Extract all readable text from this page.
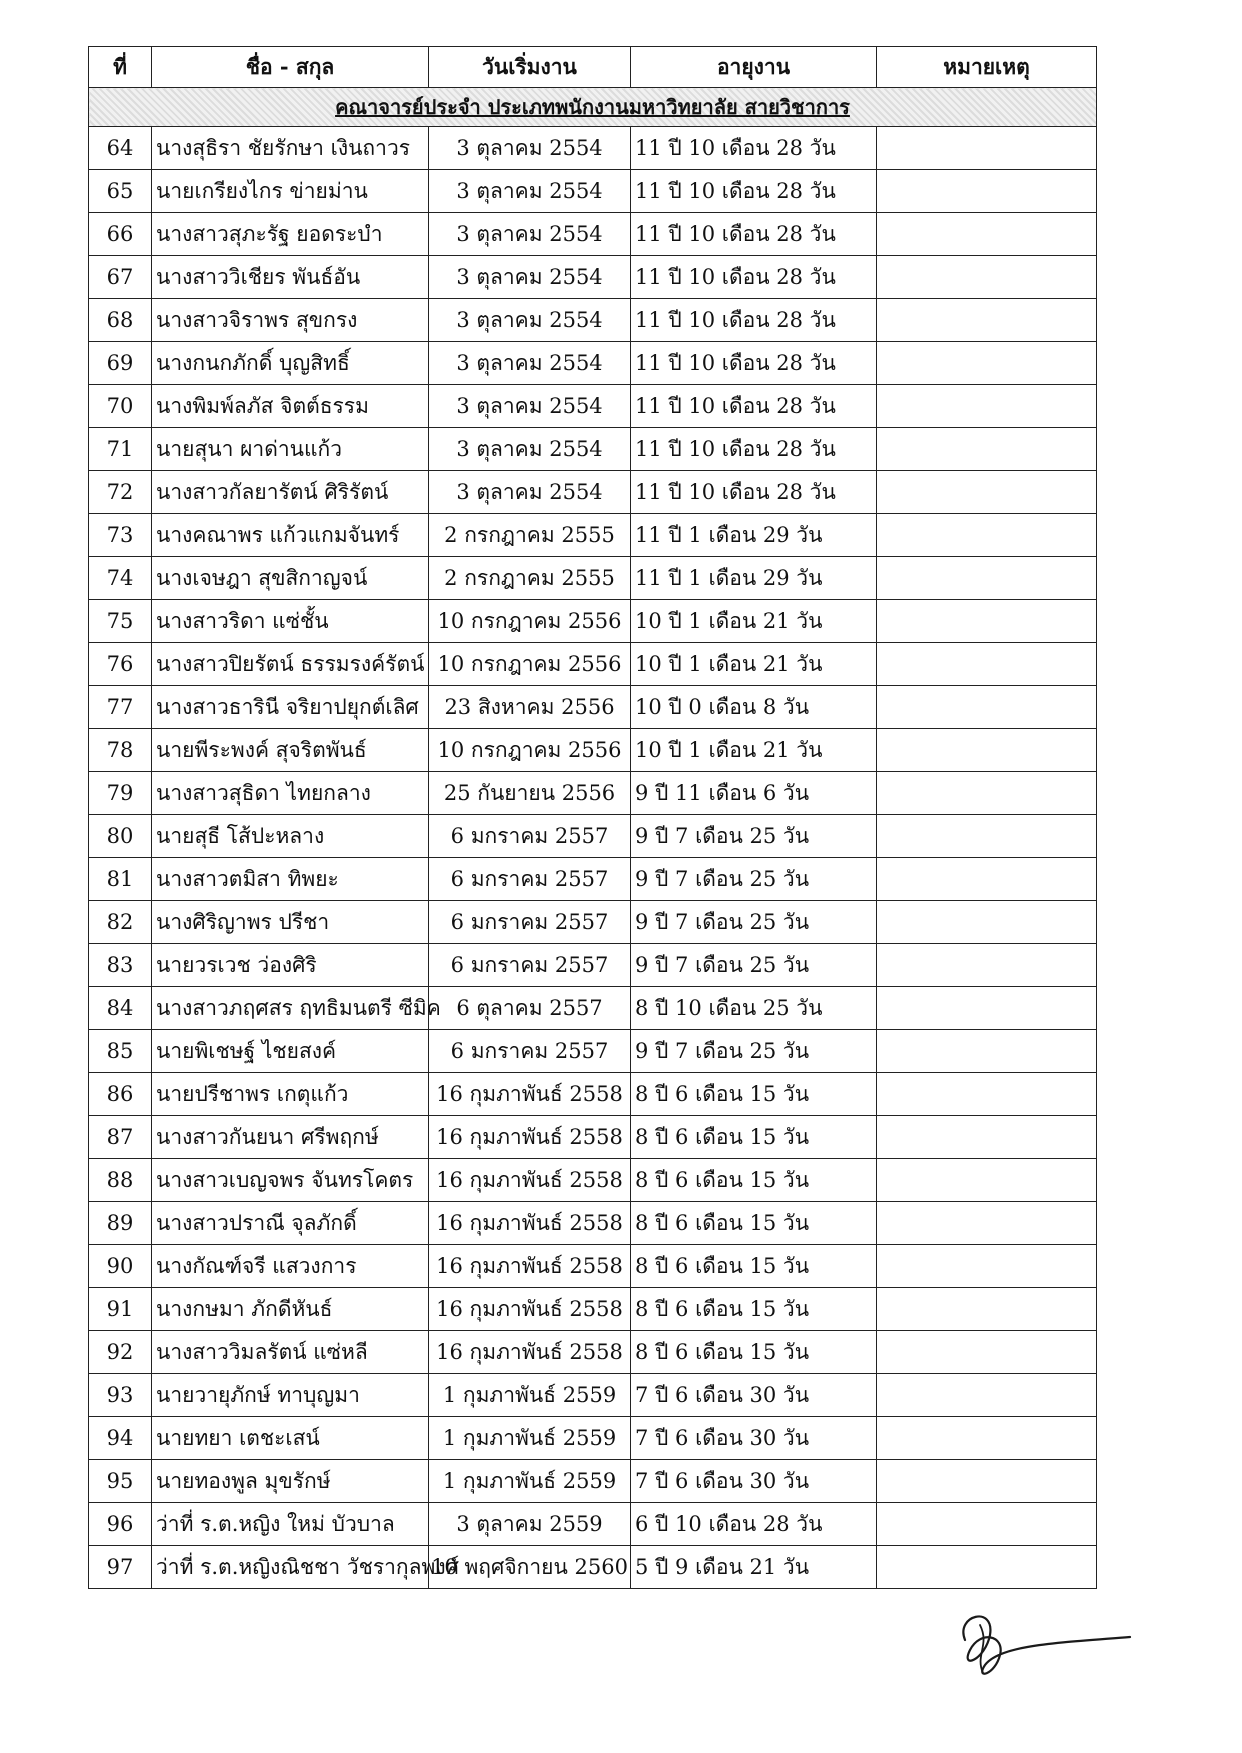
ที่	ชื่อ - สกุล	วันเริ่มงาน	อายุงาน	หมายเหตุ
คณาจารย์ประจำ ประเภทพนักงานมหาวิทยาลัย สายวิชาการ				
64	นางสุธิรา ชัยรักษา เงินถาวร	3 ตุลาคม 2554	11 ปี 10 เดือน 28 วัน	
65	นายเกรียงไกร ข่ายม่าน	3 ตุลาคม 2554	11 ปี 10 เดือน 28 วัน	
66	นางสาวสุภะรัฐ ยอดระบำ	3 ตุลาคม 2554	11 ปี 10 เดือน 28 วัน	
67	นางสาววิเชียร พันธ์อัน	3 ตุลาคม 2554	11 ปี 10 เดือน 28 วัน	
68	นางสาวจิราพร สุขกรง	3 ตุลาคม 2554	11 ปี 10 เดือน 28 วัน	
69	นางกนกภักดิ์ บุญสิทธิ์	3 ตุลาคม 2554	11 ปี 10 เดือน 28 วัน	
70	นางพิมพ์ลภัส จิตต์ธรรม	3 ตุลาคม 2554	11 ปี 10 เดือน 28 วัน	
71	นายสุนา ผาด่านแก้ว	3 ตุลาคม 2554	11 ปี 10 เดือน 28 วัน	
72	นางสาวกัลยารัตน์ ศิริรัตน์	3 ตุลาคม 2554	11 ปี 10 เดือน 28 วัน	
73	นางคณาพร แก้วแกมจันทร์	2 กรกฎาคม 2555	11 ปี 1 เดือน 29 วัน	
74	นางเจษฎา สุขสิกาญจน์	2 กรกฎาคม 2555	11 ปี 1 เดือน 29 วัน	
75	นางสาวริดา แซ่ชั้น	10 กรกฎาคม 2556	10 ปี 1 เดือน 21 วัน	
76	นางสาวปิยรัตน์ ธรรมรงค์รัตน์	10 กรกฎาคม 2556	10 ปี 1 เดือน 21 วัน	
77	นางสาวธารินี จริยาปยุกต์เลิศ	23 สิงหาคม 2556	10 ปี 0 เดือน 8 วัน	
78	นายพีระพงค์ สุจริตพันธ์	10 กรกฎาคม 2556	10 ปี 1 เดือน 21 วัน	
79	นางสาวสุธิดา ไทยกลาง	25 กันยายน 2556	9 ปี 11 เดือน 6 วัน	
80	นายสุธี โส้ปะหลาง	6 มกราคม 2557	9 ปี 7 เดือน 25 วัน	
81	นางสาวตมิสา ทิพยะ	6 มกราคม 2557	9 ปี 7 เดือน 25 วัน	
82	นางศิริญาพร ปรีชา	6 มกราคม 2557	9 ปี 7 เดือน 25 วัน	
83	นายวรเวช ว่องศิริ	6 มกราคม 2557	9 ปี 7 เดือน 25 วัน	
84	นางสาวภฤศสร ฤทธิมนตรี ซีมิค	6 ตุลาคม 2557	8 ปี 10 เดือน 25 วัน	
85	นายพิเชษฐ์ ไชยสงค์	6 มกราคม 2557	9 ปี 7 เดือน 25 วัน	
86	นายปรีชาพร เกตุแก้ว	16 กุมภาพันธ์ 2558	8 ปี 6 เดือน 15 วัน	
87	นางสาวกันยนา ศรีพฤกษ์	16 กุมภาพันธ์ 2558	8 ปี 6 เดือน 15 วัน	
88	นางสาวเบญจพร จันทรโคตร	16 กุมภาพันธ์ 2558	8 ปี 6 เดือน 15 วัน	
89	นางสาวปราณี จุลภักดิ์	16 กุมภาพันธ์ 2558	8 ปี 6 เดือน 15 วัน	
90	นางกัณฑ์จรี แสวงการ	16 กุมภาพันธ์ 2558	8 ปี 6 เดือน 15 วัน	
91	นางกษมา ภักดีหันธ์	16 กุมภาพันธ์ 2558	8 ปี 6 เดือน 15 วัน	
92	นางสาววิมลรัตน์ แซ่หลี	16 กุมภาพันธ์ 2558	8 ปี 6 เดือน 15 วัน	
93	นายวายุภักษ์ ทาบุญมา	1 กุมภาพันธ์ 2559	7 ปี 6 เดือน 30 วัน	
94	นายทยา เตชะเสน์	1 กุมภาพันธ์ 2559	7 ปี 6 เดือน 30 วัน	
95	นายทองพูล มุขรักษ์	1 กุมภาพันธ์ 2559	7 ปี 6 เดือน 30 วัน	
96	ว่าที่ ร.ต.หญิง ใหม่ บัวบาล	3 ตุลาคม 2559	6 ปี 10 เดือน 28 วัน	
97	ว่าที่ ร.ต.หญิงณิชชา วัชรากุลพงศ์	10 พฤศจิกายน 2560	5 ปี 9 เดือน 21 วัน	
